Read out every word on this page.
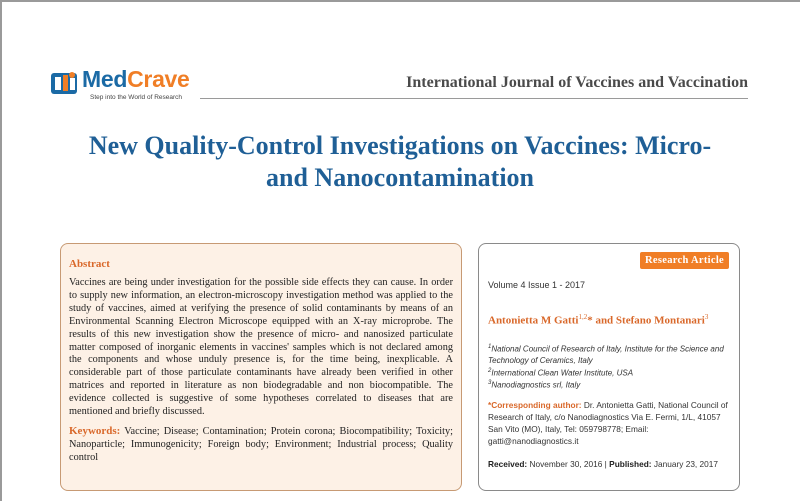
MedCrave
Step into the World of Research
International Journal of Vaccines and Vaccination
New Quality-Control Investigations on Vaccines: Micro-
and Nanocontamination
Abstract

Vaccines are being under investigation for the possible side effects they can cause. In order to supply new information, an electron-microscopy investigation method was applied to the study of vaccines, aimed at verifying the presence of solid contaminants by means of an Environmental Scanning Electron Microscope equipped with an X-ray microprobe. The results of this new investigation show the presence of micro- and nanosized particulate matter composed of inorganic elements in vaccines' samples which is not declared among the components and whose unduly presence is, for the time being, inexplicable. A considerable part of those particulate contaminants have already been verified in other matrices and reported in literature as non biodegradable and non biocompatible. The evidence collected is suggestive of some hypotheses correlated to diseases that are mentioned and briefly discussed.

Keywords: Vaccine; Disease; Contamination; Protein corona; Biocompatibility; Toxicity; Nanoparticle; Immunogenicity; Foreign body; Environment; Industrial process; Quality control
Research Article
Volume 4 Issue 1 - 2017
Antonietta M Gatti$^{1,2}$* and Stefano Montanari$^3$
$^1$National Council of Research of Italy, Institute for the Science and Technology of Ceramics, Italy
$^2$International Clean Water Institute, USA
$^3$Nanodiagnostics srl, Italy
*Corresponding author: Dr. Antonietta Gatti, National Council of Research of Italy, c/o Nanodiagnostics Via E. Fermi, 1/L, 41057 San Vito (MO), Italy, Tel: 059798778; Email: gatti@nanodiagnostics.it
Received: November 30, 2016 | Published: January 23, 2017
